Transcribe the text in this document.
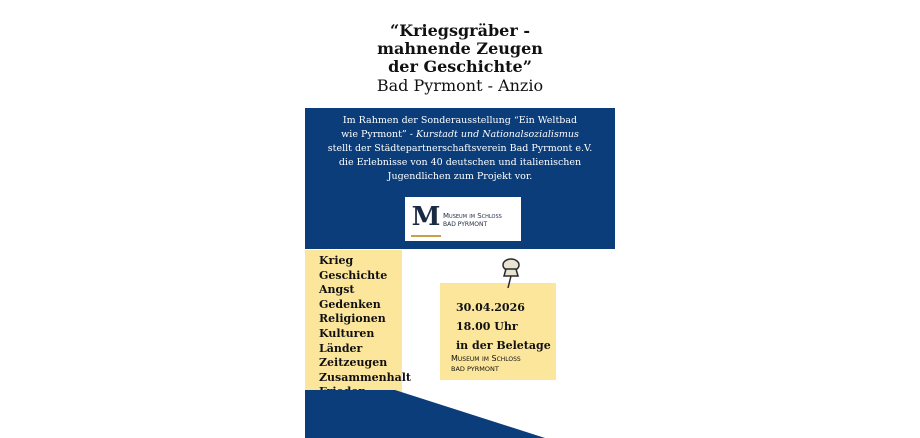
“Kriegsgräber -
mahnende Zeugen
der Geschichte”
Bad Pyrmont - Anzio
Im Rahmen der Sonderausstellung “Ein Weltbad
wie Pyrmont” - Kurstadt und Nationalsozialismus
stellt der Städtepartnerschaftsverein Bad Pyrmont e.V.
die Erlebnisse von 40 deutschen und italienischen
Jugendlichen zum Projekt vor.
M Museum im Schloss
BAD PYRMONT
Krieg
Geschichte
Angst
Gedenken
Religionen
Kulturen
Länder
Zeitzeugen
Zusammenhalt
30.04.2026
18.00 Uhr
in der Beletage
Museum im Schloss
BAD PYRMONT
